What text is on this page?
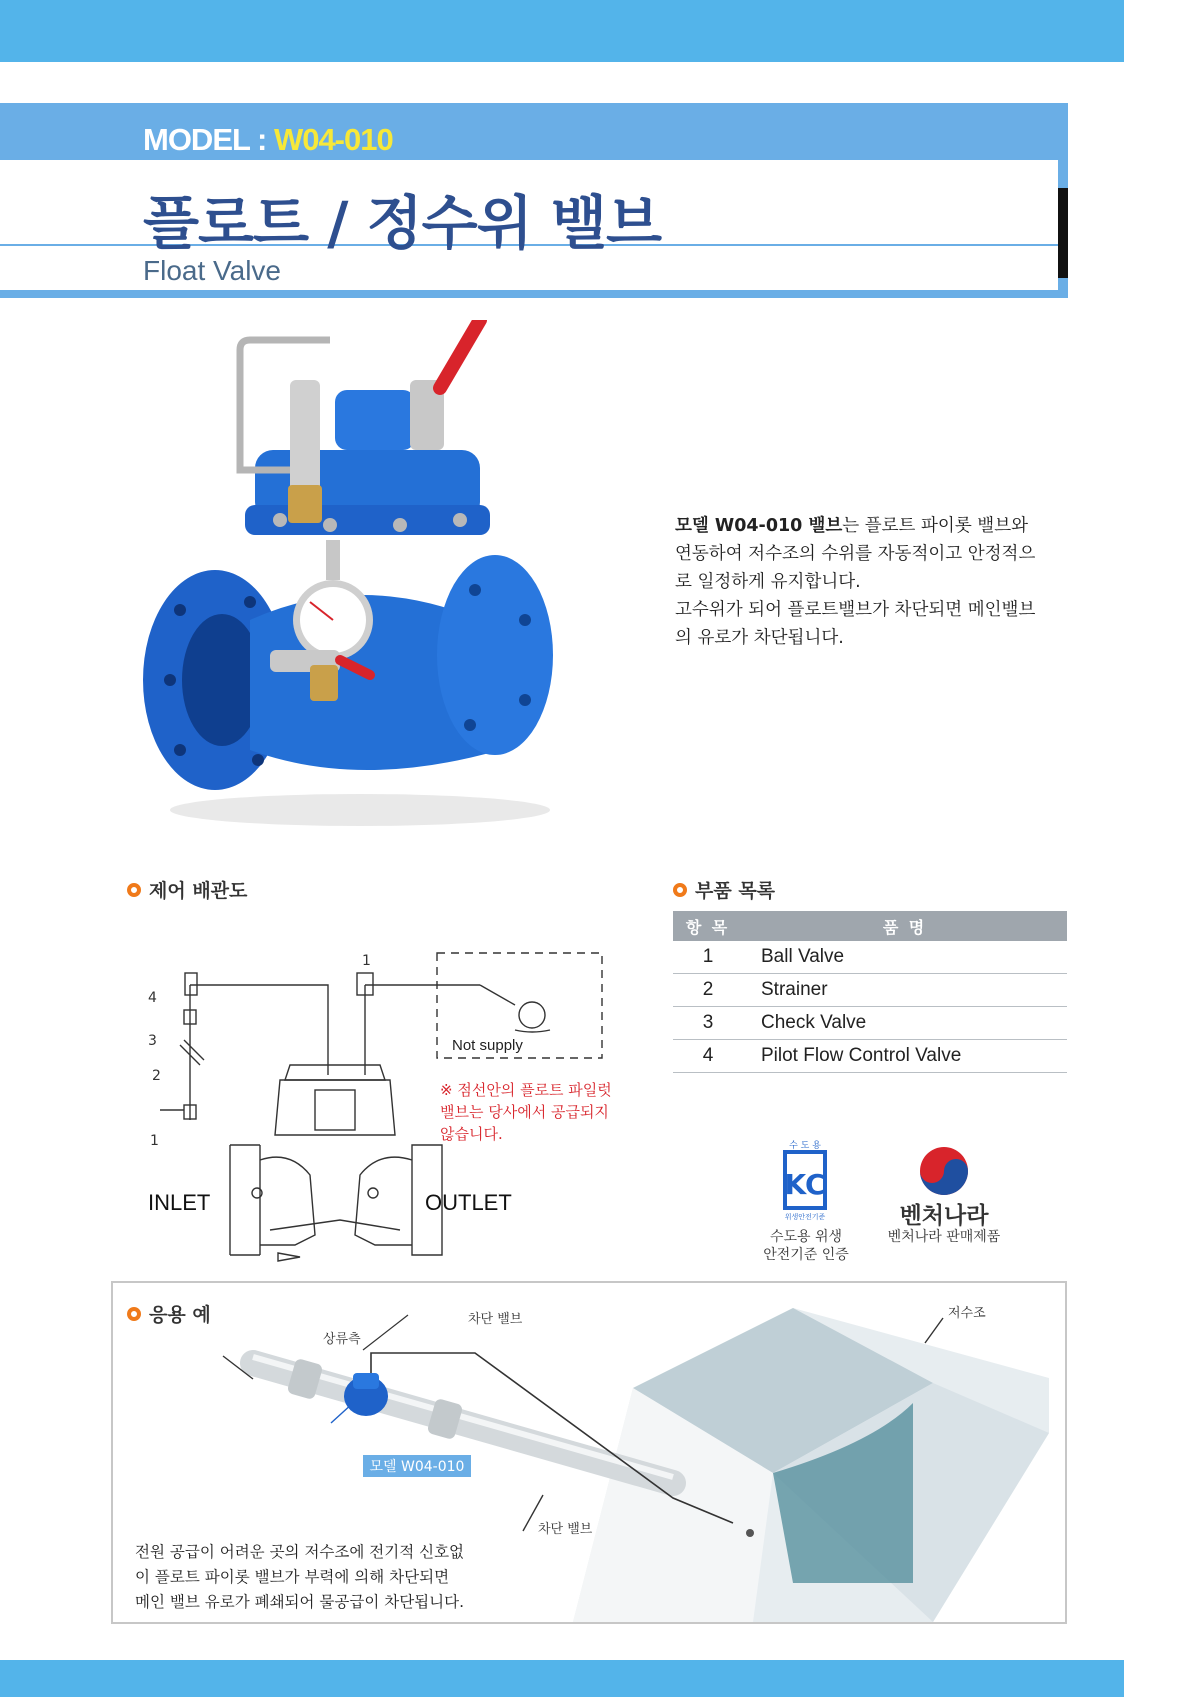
MODEL : W04-010
플로트 / 정수위 밸브
Float Valve
모델 W04-010 밸브는 플로트 파이롯 밸브와
연동하여 저수조의 수위를 자동적이고 안정적으
로 일정하게 유지합니다.
고수위가 되어 플로트밸브가 차단되면 메인밸브
의 유로가 차단됩니다.
제어 배관도	부품 목록
항 목	품 명
1	Ball Valve
2	Strainer
3	Check Valve
4	Pilot Flow Control Valve
4
3
2
1
1
Not supply
※ 점선안의 플로트 파일럿
밸브는 당사에서 공급되지
않습니다.
INLET	OUTLET
수 도 용
KC
위생안전기준
수도용 위생
안전기준 인증
벤처나라
벤처나라 판매제품
응용 예
상류측
차단 밸브	저수조
차단 밸브
모델 W04-010
전원 공급이 어려운 곳의 저수조에 전기적 신호없
이 플로트 파이롯 밸브가 부력에 의해 차단되면
메인 밸브 유로가 폐쇄되어 물공급이 차단됩니다.
